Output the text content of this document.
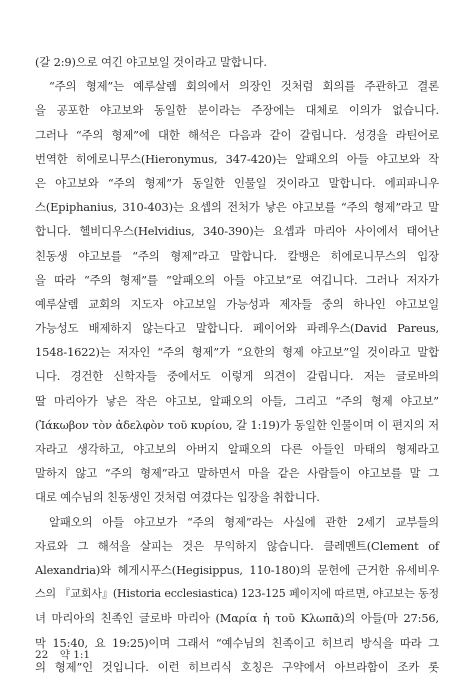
(갈 2:9)으로 여긴 야고보일 것이라고 말합니다.
“주의 형제”는 예루살렘 회의에서 의장인 것처럼 회의를 주관하고 결론
을 공포한 야고보와 동일한 분이라는 주장에는 대체로 이의가 없습니다.
그러나 “주의 형제”에 대한 해석은 다음과 같이 갈립니다. 성경을 라틴어로
번역한 히에로니무스(Hieronymus, 347-420)는 알패오의 아들 야고보와 작
은 야고보와 “주의 형제”가 동일한 인물일 것이라고 말합니다. 에피파니우
스(Epiphanius, 310-403)는 요셉의 전처가 낳은 야고보를 “주의 형제”라고 말
합니다. 헬비디우스(Helvidius, 340-390)는 요셉과 마리아 사이에서 태어난
친동생 야고보를 “주의 형제”라고 말합니다. 칼뱅은 히에로니무스의 입장
을 따라 “주의 형제”를 “알패오의 아들 야고보”로 여깁니다. 그러나 저자가
예루살렘 교회의 지도자 야고보일 가능성과 제자들 중의 하나인 야고보일
가능성도 배제하지 않는다고 말합니다. 페이어와 파레우스(David Pareus,
1548-1622)는 저자인 “주의 형제”가 “요한의 형제 야고보”일 것이라고 말합
니다. 경건한 신학자들 중에서도 이렇게 의견이 갈립니다. 저는 글로바의
딸 마리아가 낳은 작은 야고보, 알패오의 아들, 그리고 “주의 형제 야고보”
(Ἰάκωβον τὸν ἀδελφὸν τοῦ κυρίου, 갈 1:19)가 동일한 인물이며 이 편지의 저
자라고 생각하고, 야고보의 아버지 알패오의 다른 아들인 마태의 형제라고
말하지 않고 “주의 형제”라고 말하면서 마을 같은 사람들이 야고보를 말 그
대로 예수님의 친동생인 것처럼 여겼다는 입장을 취합니다.
알패오의 아들 야고보가 “주의 형제”라는 사실에 관한 2세기 교부들의
자료와 그 해석을 살피는 것은 무익하지 않습니다. 클레멘트(Clement of
Alexandria)와 헤게시푸스(Hegisippus, 110-180)의 문헌에 근거한 유세비우
스의 『교회사』(Historia ecclesiastica) 123-125 페이지에 따르면, 야고보는 동정
녀 마리아의 친족인 글로바 마리아 (Μαρία ἡ τοῦ Κλωπᾶ)의 아들(마 27:56,
막 15:40, 요 19:25)이며 그래서 “예수님의 친족이고 히브리 방식을 따라 그
의 형제”인 것입니다. 이런 히브리식 호칭은 구약에서 아브라함이 조카 롯
22 약 1:1
